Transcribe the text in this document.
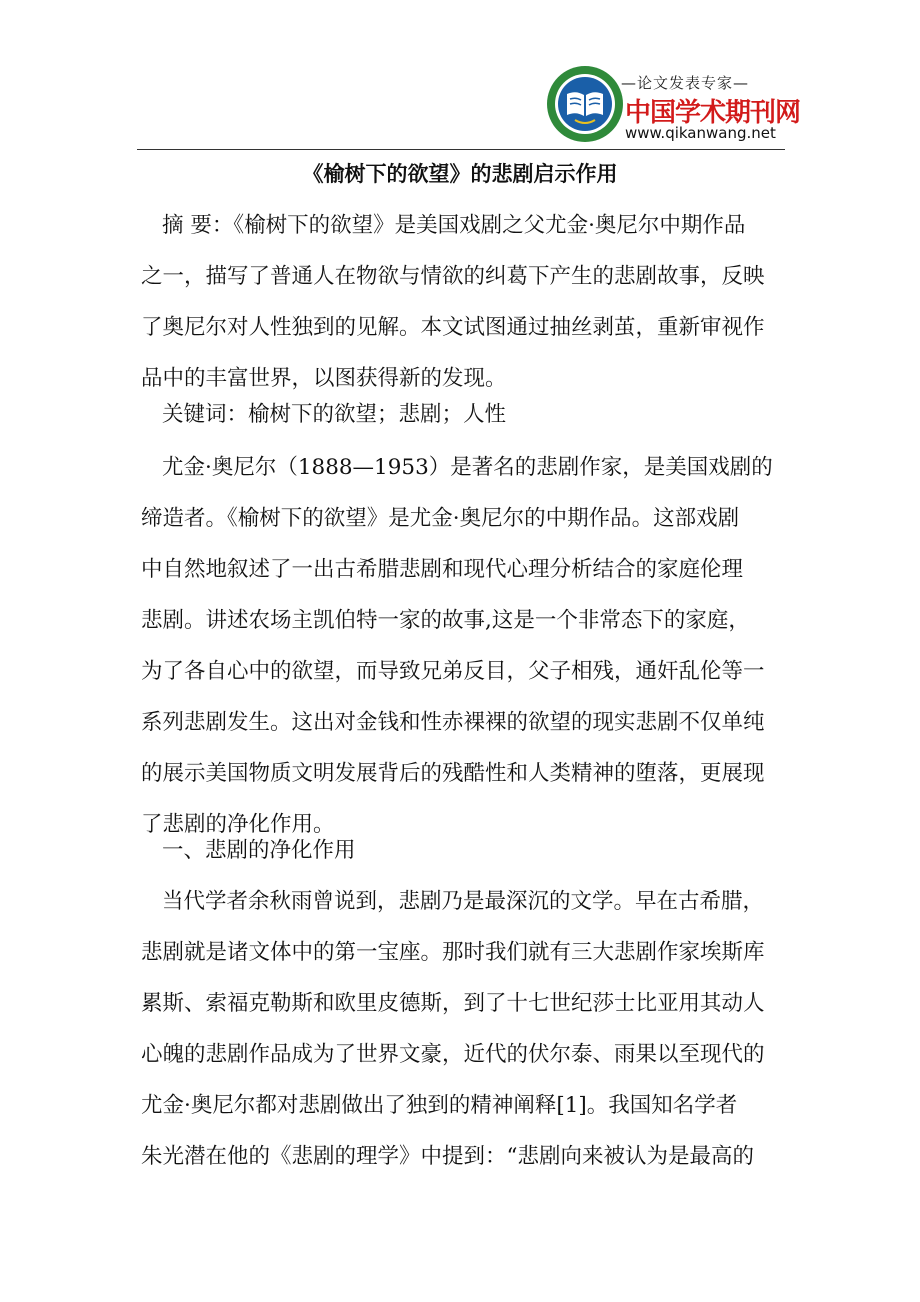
—论文发表专家—
中国学术期刊网
www.qikanwang.net
《榆树下的欲望》的悲剧启示作用

摘 要：《榆树下的欲望》是美国戏剧之父尤金·奥尼尔中期作品
之一，描写了普通人在物欲与情欲的纠葛下产生的悲剧故事，反映
了奥尼尔对人性独到的见解。本文试图通过抽丝剥茧，重新审视作
品中的丰富世界，以图获得新的发现。

关键词：榆树下的欲望；悲剧；人性

尤金·奥尼尔（1888—1953）是著名的悲剧作家，是美国戏剧的
缔造者。《榆树下的欲望》是尤金·奥尼尔的中期作品。这部戏剧
中自然地叙述了一出古希腊悲剧和现代心理分析结合的家庭伦理
悲剧。讲述农场主凯伯特一家的故事,这是一个非常态下的家庭，
为了各自心中的欲望，而导致兄弟反目，父子相残，通奸乱伦等一
系列悲剧发生。这出对金钱和性赤裸裸的欲望的现实悲剧不仅单纯
的展示美国物质文明发展背后的残酷性和人类精神的堕落，更展现
了悲剧的净化作用。

一、悲剧的净化作用

当代学者余秋雨曾说到，悲剧乃是最深沉的文学。早在古希腊，
悲剧就是诸文体中的第一宝座。那时我们就有三大悲剧作家埃斯库
累斯、索福克勒斯和欧里皮德斯，到了十七世纪莎士比亚用其动人
心魄的悲剧作品成为了世界文豪，近代的伏尔泰、雨果以至现代的
尤金·奥尼尔都对悲剧做出了独到的精神阐释[1]。我国知名学者
朱光潜在他的《悲剧的理学》中提到：“悲剧向来被认为是最高的
